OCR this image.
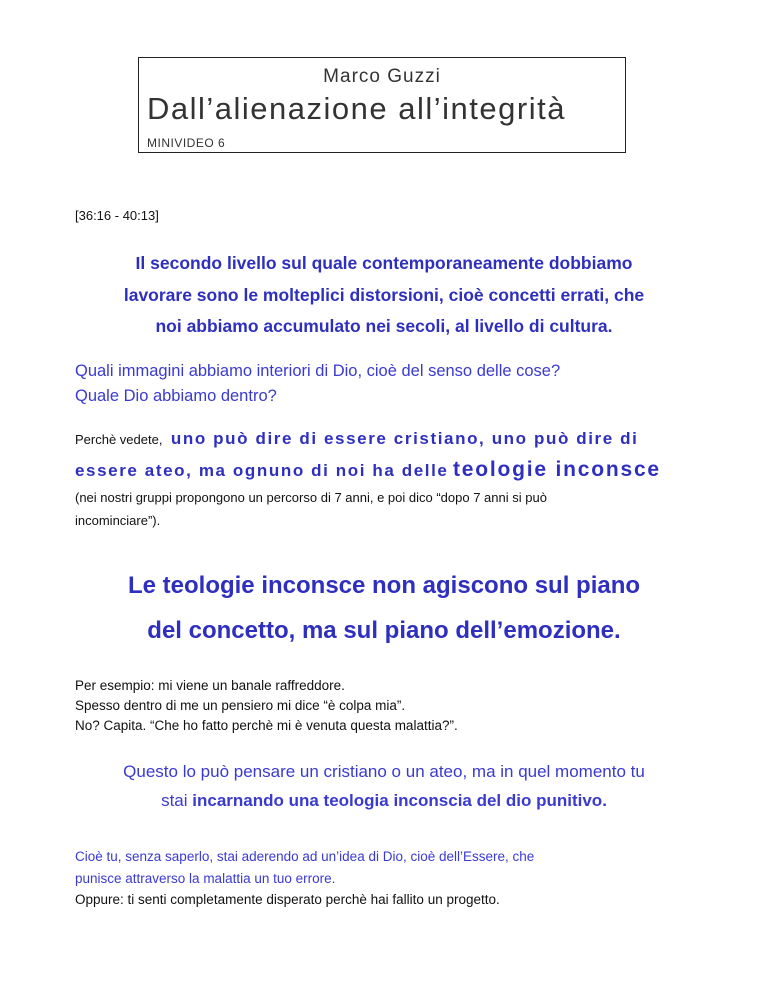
Marco Guzzi
Dall’alienazione all’integrità
MINIVIDEO 6
[36:16 - 40:13]
Il secondo livello sul quale contemporaneamente dobbiamo
lavorare sono le molteplici distorsioni, cioè concetti errati, che
noi abbiamo accumulato nei secoli, al livello di cultura.
Quali immagini abbiamo interiori di Dio, cioè del senso delle cose?
Quale Dio abbiamo dentro?
Perchè vedete, uno può dire di essere cristiano, uno può dire di
essere ateo, ma ognuno di noi ha delle teologie inconsce
(nei nostri gruppi propongono un percorso di 7 anni, e poi dico “dopo 7 anni si può
incominciare”).
Le teologie inconsce non agiscono sul piano
del concetto, ma sul piano dell’emozione.
Per esempio: mi viene un banale raffreddore.
Spesso dentro di me un pensiero mi dice “è colpa mia”.
No? Capita. “Che ho fatto perchè mi è venuta questa malattia?”.
Questo lo può pensare un cristiano o un ateo, ma in quel momento tu
stai incarnando una teologia inconscia del dio punitivo.
Cioè tu, senza saperlo, stai aderendo ad un’idea di Dio, cioè dell’Essere, che
punisce attraverso la malattia un tuo errore.
Oppure: ti senti completamente disperato perchè hai fallito un progetto.
